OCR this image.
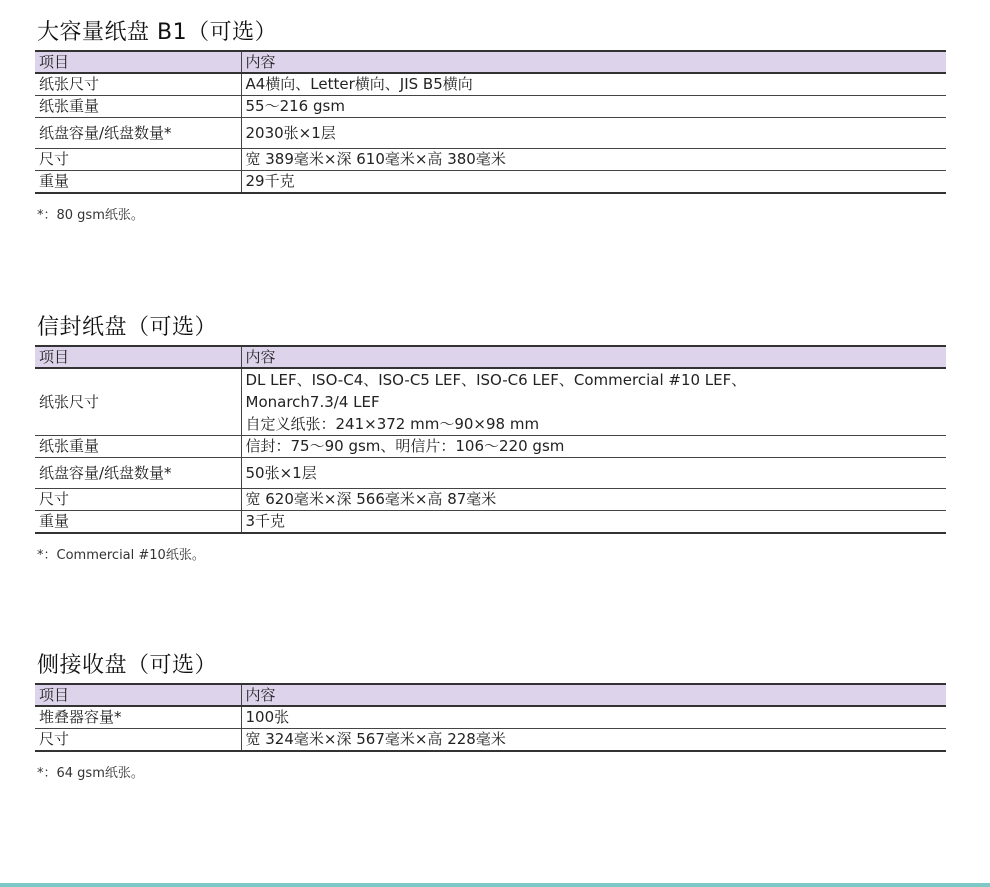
大容量纸盘 B1（可选）
项目	内容
纸张尺寸	A4横向、Letter横向、JIS B5横向
纸张重量	55～216 gsm
纸盘容量/纸盘数量*	2030张×1层
尺寸	宽 389毫米×深 610毫米×高 380毫米
重量	29千克
*：80 gsm纸张。
信封纸盘（可选）
项目	内容
纸张尺寸	DL LEF、ISO-C4、ISO-C5 LEF、ISO-C6 LEF、Commercial #10 LEF、
Monarch7.3/4 LEF
自定义纸张：241×372 mm～90×98 mm

纸张重量	信封：75～90 gsm、明信片：106～220 gsm
纸盘容量/纸盘数量*	50张×1层
尺寸	宽 620毫米×深 566毫米×高 87毫米
重量	3千克
*：Commercial #10纸张。
侧接收盘（可选）
项目	内容
堆叠器容量*	100张
尺寸	宽 324毫米×深 567毫米×高 228毫米
*：64 gsm纸张。
